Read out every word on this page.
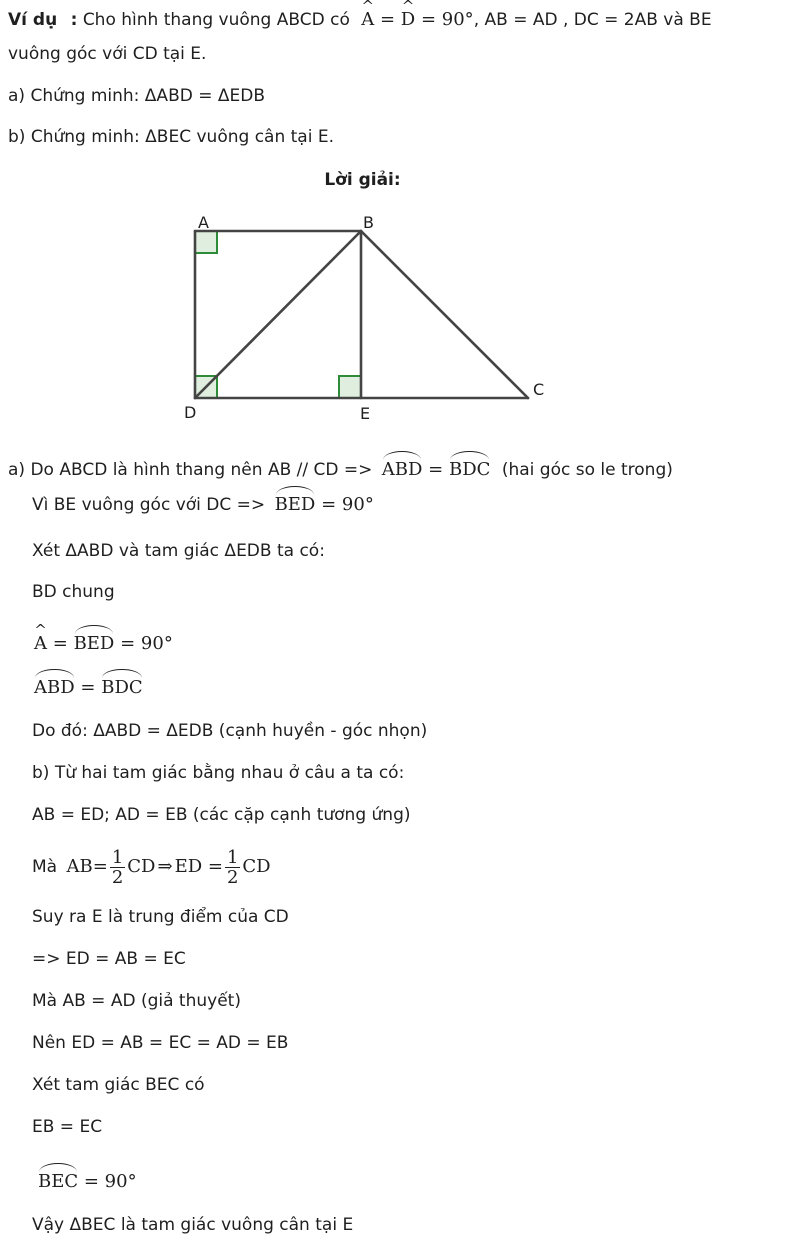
Ví dụ : Cho hình thang vuông ABCD có ^ A = ^ D = 90°, AB = AD , DC = 2AB và BE
vuông góc với CD tại E.
a) Chứng minh: ΔABD = ΔEDB
b) Chứng minh: ΔBEC vuông cân tại E.
Lời giải:
A	B
C
D	E
a) Do ABCD là hình thang nên AB // CD => ABD = BDC (hai góc so le trong)
Vì BE vuông góc với DC => BED = 90°
Xét ΔABD và tam giác ΔEDB ta có:
BD chung
^ A = BED = 90°
ABD = BDC
Do đó: ΔABD = ΔEDB (cạnh huyền - góc nhọn)
b) Từ hai tam giác bằng nhau ở câu a ta có:
AB = ED; AD = EB (các cặp cạnh tương ứng)
Mà $AB= \frac{1}{2}$ CD ⇒ ED = $\frac{1}{2}$ CD
Suy ra E là trung điểm của CD
=> ED = AB = EC
Mà AB = AD (giả thuyết)
Nên ED = AB = EC = AD = EB
Xét tam giác BEC có
EB = EC
BEC = 90°
Vậy ΔBEC là tam giác vuông cân tại E
